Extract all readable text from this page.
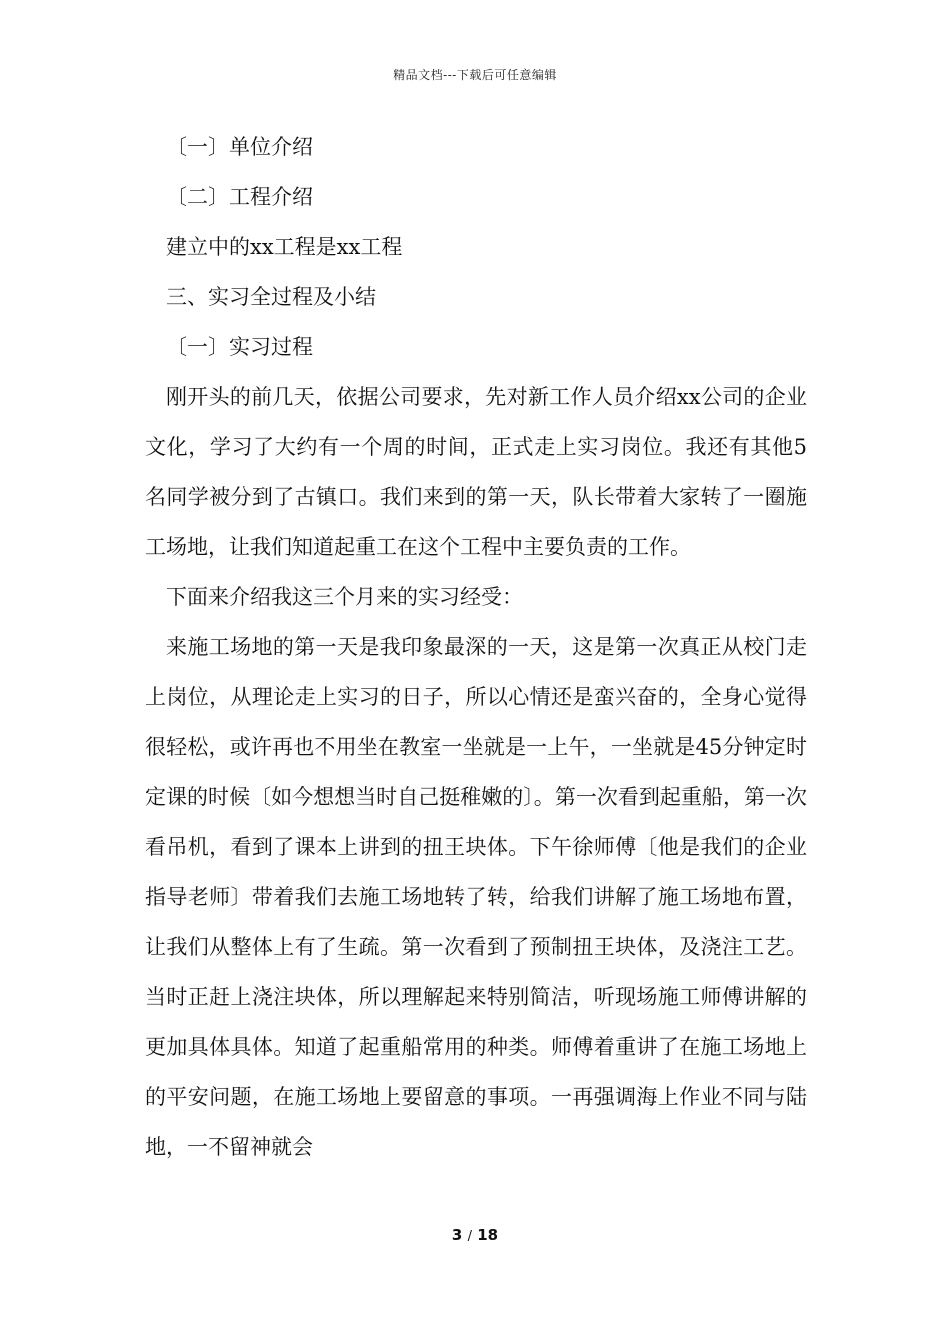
精品文档---下载后可任意编辑

〔一〕单位介绍

〔二〕工程介绍

建立中的xx工程是xx工程

三、实习全过程及小结

〔一〕实习过程

刚开头的前几天，依据公司要求，先对新工作人员介绍xx公司的企业文化，学习了大约有一个周的时间，正式走上实习岗位。我还有其他5名同学被分到了古镇口。我们来到的第一天，队长带着大家转了一圈施工场地，让我们知道起重工在这个工程中主要负责的工作。

下面来介绍我这三个月来的实习经受：

来施工场地的第一天是我印象最深的一天，这是第一次真正从校门走上岗位，从理论走上实习的日子，所以心情还是蛮兴奋的，全身心觉得很轻松，或许再也不用坐在教室一坐就是一上午，一坐就是45分钟定时定课的时候〔如今想想当时自己挺稚嫩的〕。第一次看到起重船，第一次看吊机，看到了课本上讲到的扭王块体。下午徐师傅〔他是我们的企业指导老师〕带着我们去施工场地转了转，给我们讲解了施工场地布置，让我们从整体上有了生疏。第一次看到了预制扭王块体，及浇注工艺。当时正赶上浇注块体，所以理解起来特别简洁，听现场施工师傅讲解的更加具体具体。知道了起重船常用的种类。师傅着重讲了在施工场地上的平安问题，在施工场地上要留意的事项。一再强调海上作业不同与陆地，一不留神就会

3 / 18
